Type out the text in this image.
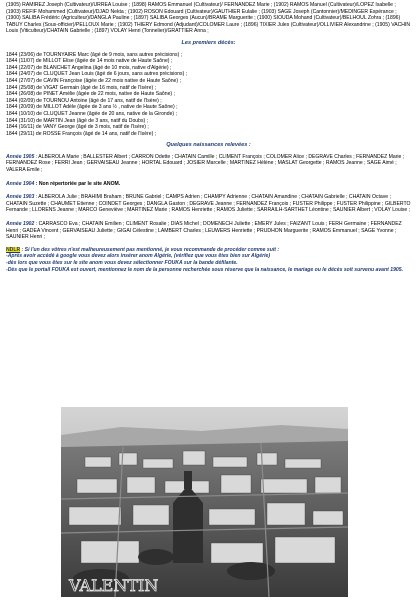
(1905) RAMIREZ Joseph (Cultivateur)/URREA Louise ; (1898) RAMOS Emmanuel (Cultivateur)/ FERNANDEZ Marie ; (1902) RAMOS Manuel (Cultivateur)/LOPEZ Isabelle ; (1903) REFIF Mohammed (Cultivateur)/DJAD Nekta ; (1902) ROSON Edouard (Cultivateur)/GAUTHIER Eulalie ; (1903) SAGE Joseph (Cantonnier)/MEDINGER Espérance ; (1900) SALIBA Frédéric (Agriculteur)/DANGLA Pauline ; (1897) SALIBA Georges (Aucun)/BRAME Marguerite ; (1900) SIOUDA Mohand (Cultivateur)/BELHOUL Zohra ; (1896) TABUY Charles (Sous-officier)/PELLOUX Marie ; (1902) THIERY Edmond (Adjudant)/COLOMER Laure ; (1896) TIXIER Jules (Cultivateur)/OLLIVIER Alexandrine ; (1905) VACHIN Louis (Viticulteur)/CHATAIN Gabrielle ; (1897) VOLAY Henri (Tonnelier)/GRATTIER Anna ;

Les premiers décès:
1844 (23/06) de TOURNYAIRE Marc (âgé de 9 mois, sans autres précisions) ;
1844 (11/07) de MILLOT Elise (âgée de 14 mois native de Haute Saône) ;
1844 (22/07) de BLANCHET Angelina (âgé de 10 mois, native d'Algérie) ;
1844 (24/07) de CLUQUET Jean Louis (âgé de 6 jours, sans autres précisions) ;
1844 (27/07) de CAVIN Françoise (âgée de 22 mois native de Haute Saône) ;
1844 (25/08) de VIGAT Germain (âgé de 16 mois, natif de l'Isère) ;
1844 (26/08) de PINET Amélie (âgée de 22 mois, native de Haute Saône) ;
1844 (02/09) de TOURNOU Antoine (âgé de 17 ans, natif de l'Isère) ;
1844 (20/09) de MILLOT Adèle (âgée de 3 ans ½ , native de Haute Saône) ;
1844 (10/10) de CLUQUET Jeanne (âgée de 20 ans, native de la Gironde) ;
1844 (31/10) de MARTIN Jean (âgé de 3 ans, natif du Doubs) ;
1844 (16/11) de VANY George (âgé de 3 mois, natif de l'Isère) ;
1844 (29/11) de ROSSE François (âgé de 14 ans, natif de l'Isère) ;
Quelques naissances relevées :

Année 1905 : ALBEROLA Marie ; BALLESTER Albert ; CARRON Odette ; CHATAIN Camille ; CLIMENT François ; COLOMER Alice ; DEGRAVE Charles ; FERNANDEZ Marie ; FERNANDEZ Rose ; FERRI Jean ; GERVAISEAU Jeanne ; HORTAL Edouard ; JOSIER Marcelle ; MARTINEZ Hélène ; MASLAT Georgette ; RAMOS Jeanne ; SAGE Aimé ; VALERA Emile ;

Année 1904 : Non répertoriée par le site ANOM.

Année 1903 : ALBEROLA Julie ; BRAHIMI Braham ; BRUNE Gabriel ; CAMPS Adrien ; CHAMPY Adrienne ; CHATAIN Amandine ; CHATAIN Gabrielle ; CHATAIN Octave ; CHATAIN Suzette ; CHAUMET Etienne ; COINDET Georges ; DANGLA Gaston ; DEGRAVE Jeanne ; FERNANDEZ François ; FUSTER Philippe ; FUSTER Philippine ; GILBERTO Fernande ; LLORENS Jeanne ; MARCO Geneviève ; MARTINEZ Marie ; RAMOS Henriette ; RAMOS Juliette ; SARRAILH-SARTHET Léontine ; SAUNIER Albert ; VOLAY Louise ;

Année 1902 : CARRASCO Eva ; CHATAIN Emilien ; CLIMENT Rosalie ; DIAS Michel ; DOMENECH Juliette ; EMERY Jules ; FAIZANT Louis ; FERH Germaine ; FERNANDEZ Henri ; GADEA Vincent ; GERVAISEAU Juliette ; GIGAI Célestine ; LAMBERT Charles ; LEUWERS Henriette ; PRUDHON Marguerite ; RAMOS Emmanuel ; SAGE Yvonne ; SAUNIER Henri ;

NDLR : Si l'un des vôtres n'est malheureusement pas mentionné, je vous recommande de procéder comme suit :
-Après avoir accédé à google vous devez alors insérer anom Algérie, (vérifiez que vous êtes bien sur Algérie)
-dès lors que vous êtes sur le site anom vous devez sélectionner FOUKA sur la bande défilante.
-Dès que le portail FOUKA est ouvert, mentionnez le nom de la personne recherchée sous réserve que la naissance, le mariage ou le décès soit survenu avant 1905.
VALENTIN
